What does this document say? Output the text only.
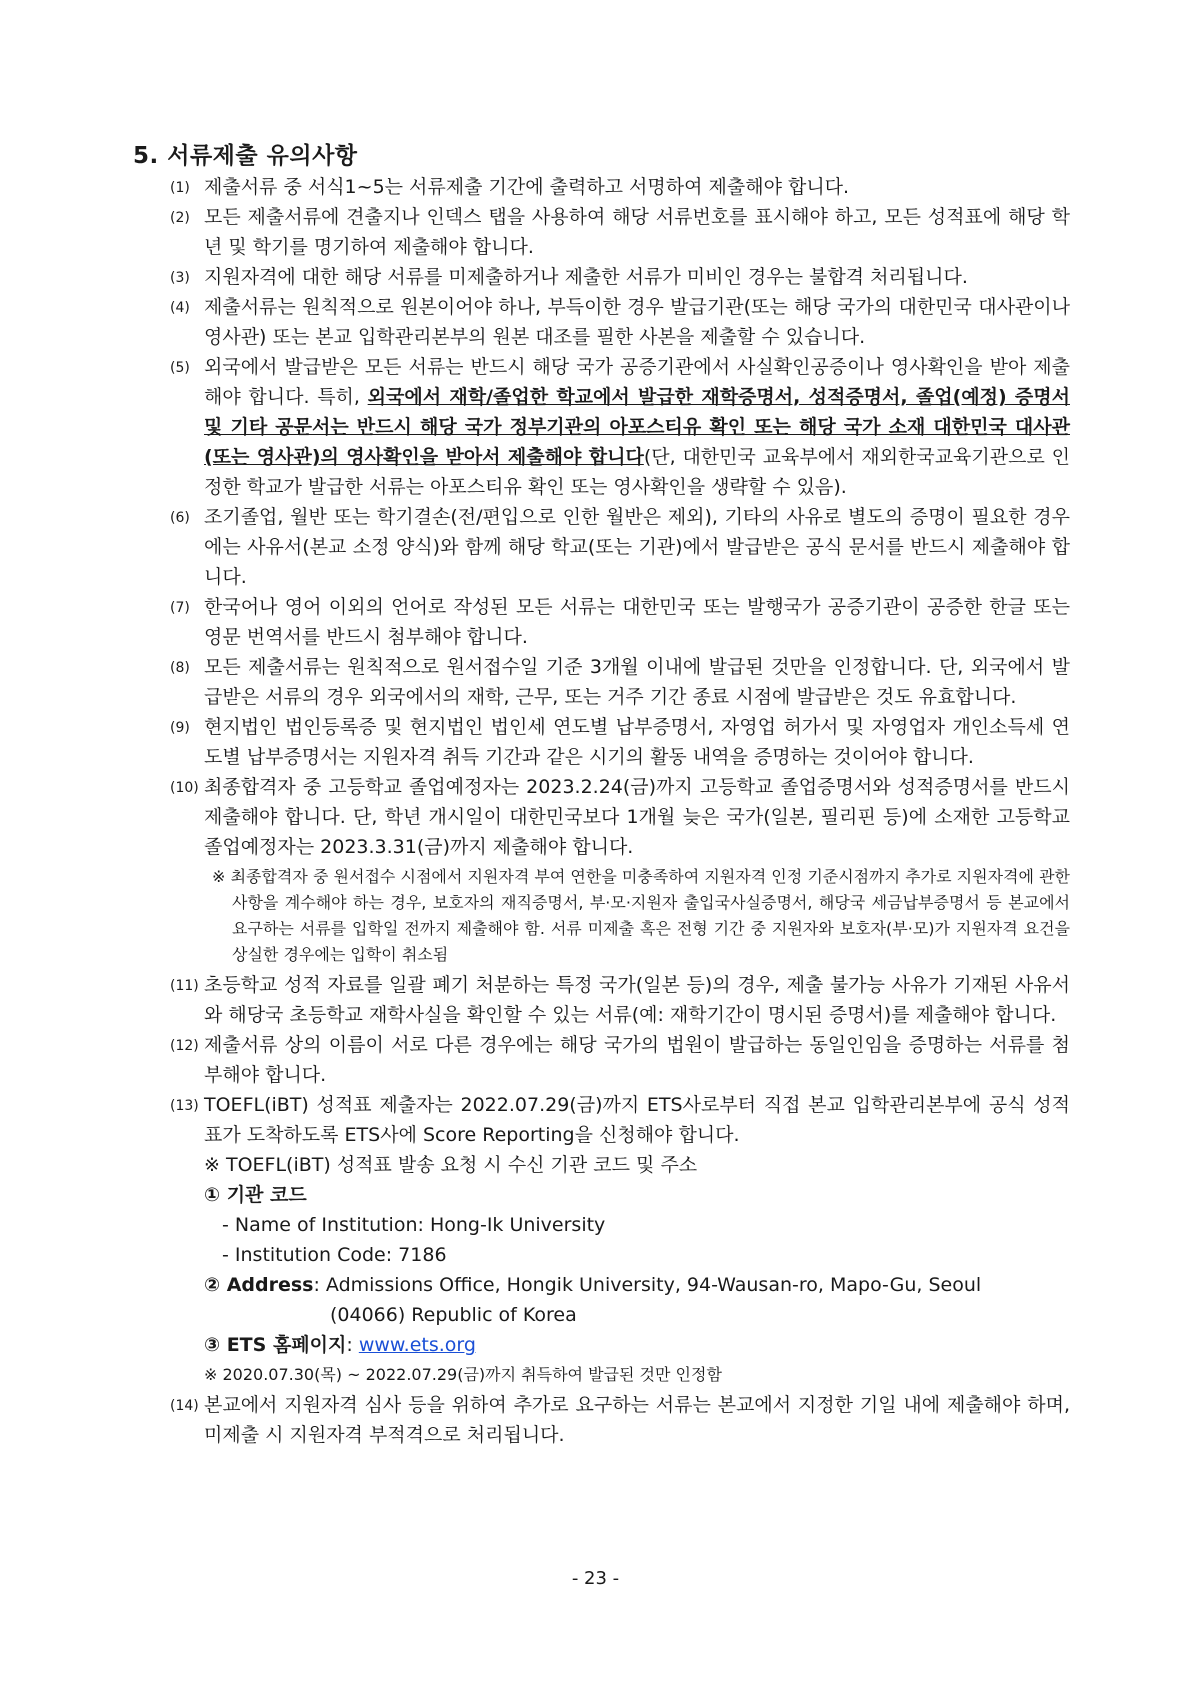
5. 서류제출 유의사항
(1) 제출서류 중 서식1~5는 서류제출 기간에 출력하고 서명하여 제출해야 합니다.
(2) 모든 제출서류에 견출지나 인덱스 탭을 사용하여 해당 서류번호를 표시해야 하고, 모든 성적표에 해당 학년 및 학기를 명기하여 제출해야 합니다.
(3) 지원자격에 대한 해당 서류를 미제출하거나 제출한 서류가 미비인 경우는 불합격 처리됩니다.
(4) 제출서류는 원칙적으로 원본이어야 하나, 부득이한 경우 발급기관(또는 해당 국가의 대한민국 대사관이나 영사관) 또는 본교 입학관리본부의 원본 대조를 필한 사본을 제출할 수 있습니다.
(5) 외국에서 발급받은 모든 서류는 반드시 해당 국가 공증기관에서 사실확인공증이나 영사확인을 받아 제출해야 합니다. 특히, 외국에서 재학/졸업한 학교에서 발급한 재학증명서, 성적증명서, 졸업(예정) 증명서 및 기타 공문서는 반드시 해당 국가 정부기관의 아포스티유 확인 또는 해당 국가 소재 대한민국 대사관(또는 영사관)의 영사확인을 받아서 제출해야 합니다(단, 대한민국 교육부에서 재외한국교육기관으로 인정한 학교가 발급한 서류는 아포스티유 확인 또는 영사확인을 생략할 수 있음).
(6) 조기졸업, 월반 또는 학기결손(전/편입으로 인한 월반은 제외), 기타의 사유로 별도의 증명이 필요한 경우에는 사유서(본교 소정 양식)와 함께 해당 학교(또는 기관)에서 발급받은 공식 문서를 반드시 제출해야 합니다.
(7) 한국어나 영어 이외의 언어로 작성된 모든 서류는 대한민국 또는 발행국가 공증기관이 공증한 한글 또는 영문 번역서를 반드시 첨부해야 합니다.
(8) 모든 제출서류는 원칙적으로 원서접수일 기준 3개월 이내에 발급된 것만을 인정합니다. 단, 외국에서 발급받은 서류의 경우 외국에서의 재학, 근무, 또는 거주 기간 종료 시점에 발급받은 것도 유효합니다.
(9) 현지법인 법인등록증 및 현지법인 법인세 연도별 납부증명서, 자영업 허가서 및 자영업자 개인소득세 연도별 납부증명서는 지원자격 취득 기간과 같은 시기의 활동 내역을 증명하는 것이어야 합니다.
(10) 최종합격자 중 고등학교 졸업예정자는 2023.2.24(금)까지 고등학교 졸업증명서와 성적증명서를 반드시 제출해야 합니다. 단, 학년 개시일이 대한민국보다 1개월 늦은 국가(일본, 필리핀 등)에 소재한 고등학교 졸업예정자는 2023.3.31(금)까지 제출해야 합니다.
※ 최종합격자 중 원서접수 시점에서 지원자격 부여 연한을 미충족하여 지원자격 인정 기준시점까지 추가로 지원자격에 관한 사항을 계수해야 하는 경우, 보호자의 재직증명서, 부·모·지원자 출입국사실증명서, 해당국 세금납부증명서 등 본교에서 요구하는 서류를 입학일 전까지 제출해야 함. 서류 미제출 혹은 전형 기간 중 지원자와 보호자(부·모)가 지원자격 요건을 상실한 경우에는 입학이 취소됨
(11) 초등학교 성적 자료를 일괄 폐기 처분하는 특정 국가(일본 등)의 경우, 제출 불가능 사유가 기재된 사유서와 해당국 초등학교 재학사실을 확인할 수 있는 서류(예: 재학기간이 명시된 증명서)를 제출해야 합니다.
(12) 제출서류 상의 이름이 서로 다른 경우에는 해당 국가의 법원이 발급하는 동일인임을 증명하는 서류를 첨부해야 합니다.
(13) TOEFL(iBT) 성적표 제출자는 2022.07.29(금)까지 ETS사로부터 직접 본교 입학관리본부에 공식 성적표가 도착하도록 ETS사에 Score Reporting을 신청해야 합니다.
※ TOEFL(iBT) 성적표 발송 요청 시 수신 기관 코드 및 주소
① 기관 코드
- Name of Institution: Hong-Ik University
- Institution Code: 7186
② Address: Admissions Office, Hongik University, 94-Wausan-ro, Mapo-Gu, Seoul
(04066) Republic of Korea
③ ETS 홈페이지: www.ets.org
※ 2020.07.30(목) ~ 2022.07.29(금)까지 취득하여 발급된 것만 인정함
(14) 본교에서 지원자격 심사 등을 위하여 추가로 요구하는 서류는 본교에서 지정한 기일 내에 제출해야 하며, 미제출 시 지원자격 부적격으로 처리됩니다.
- 23 -
